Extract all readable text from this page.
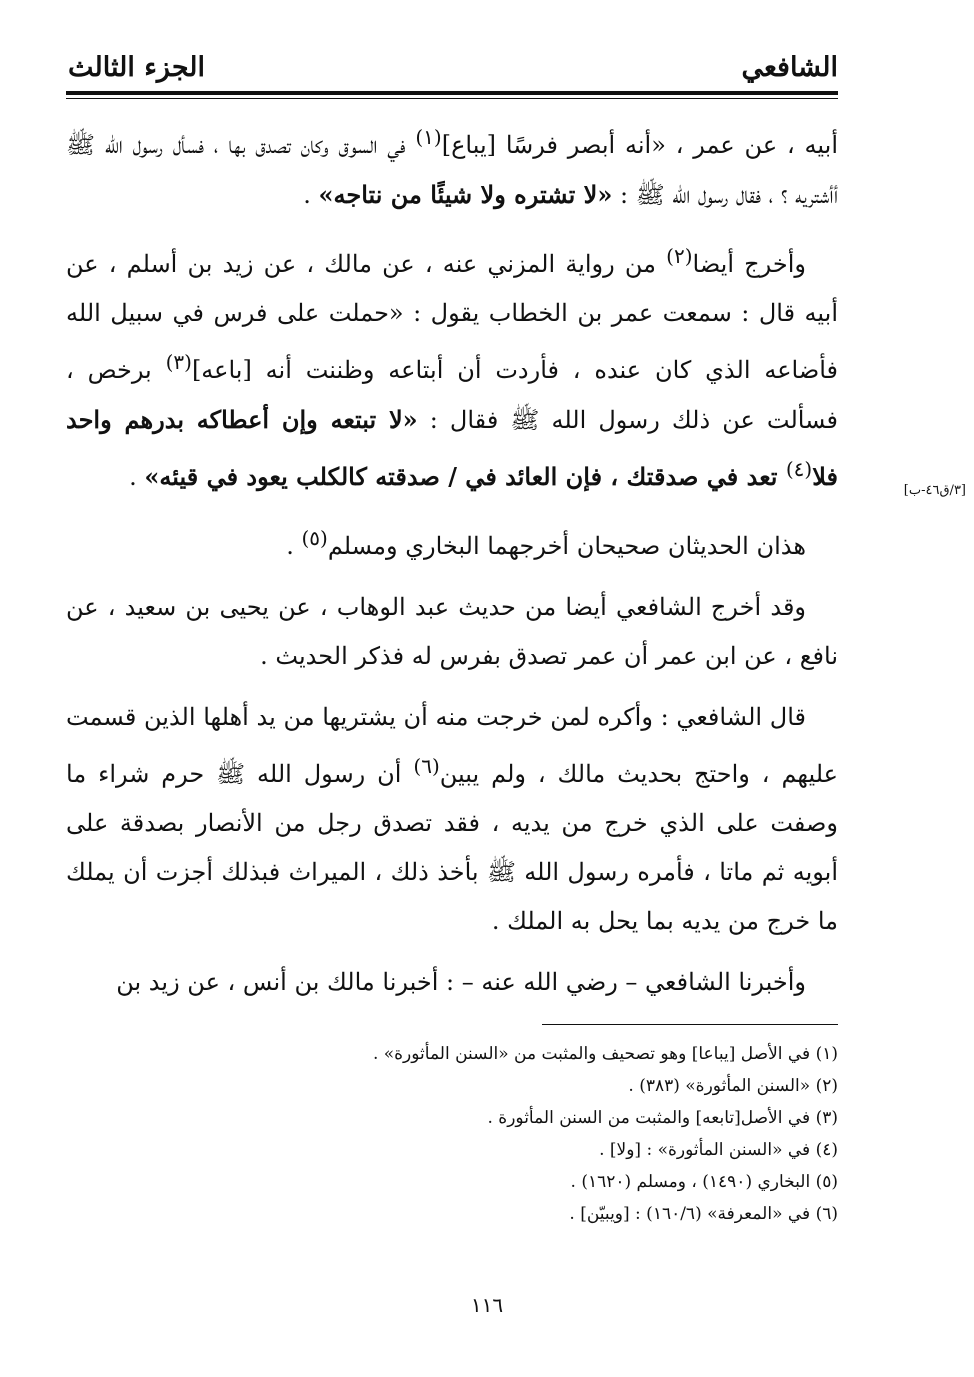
الشافعي
الجزء الثالث
[٣/ق٤٦-ب]

أبيه ، عن عمر ، «أنه أبصر فرسًا [يباع]$^{(١)}$ في السوق وكان تصدق بها ، فسأل رسول الله ﷺ أأشتريه ؟ ، فقال رسول الله ﷺ : «لا تشتره ولا شيئًا من نتاجه» .

وأخرج أيضا$^{(٢)}$ من رواية المزني عنه ، عن مالك ، عن زيد بن أسلم ، عن أبيه قال : سمعت عمر بن الخطاب يقول : «حملت على فرس في سبيل الله فأضاعه الذي كان عنده ، فأردت أن أبتاعه وظننت أنه [باعه]$^{(٣)}$ برخص ، فسألت عن ذلك رسول الله ﷺ فقال : «لا تبتعه وإن أعطاكه بدرهم واحد فلا$^{(٤)}$ تعد في صدقتك ، فإن العائد في / صدقته كالكلب يعود في قيئه» .

هذان الحديثان صحيحان أخرجهما البخاري ومسلم$^{(٥)}$ .

وقد أخرج الشافعي أيضا من حديث عبد الوهاب ، عن يحيى بن سعيد ، عن نافع ، عن ابن عمر أن عمر تصدق بفرس له فذكر الحديث .

قال الشافعي : وأكره لمن خرجت منه أن يشتريها من يد أهلها الذين قسمت عليهم ، واحتج بحديث مالك ، ولم يبين$^{(٦)}$ أن رسول الله ﷺ حرم شراء ما وصفت على الذي خرج من يديه ، فقد تصدق رجل من الأنصار بصدقة على أبويه ثم ماتا ، فأمره رسول الله ﷺ بأخذ ذلك ، الميراث فبذلك أجزت أن يملك ما خرج من يديه بما يحل به الملك .

وأخبرنا الشافعي – رضي الله عنه – : أخبرنا مالك بن أنس ، عن زيد بن

(١) في الأصل [يباعا] وهو تصحيف والمثبت من «السنن المأثورة» .

(٢) «السنن المأثورة» (٣٨٣) .

(٣) في الأصل[تابعه] والمثبت من السنن المأثورة .

(٤) في «السنن المأثورة» : [ولا] .

(٥) البخاري (١٤٩٠) ، ومسلم (١٦٢٠) .

(٦) في «المعرفة» (١٦٠/٦) : [ويبيّن] .

١١٦
